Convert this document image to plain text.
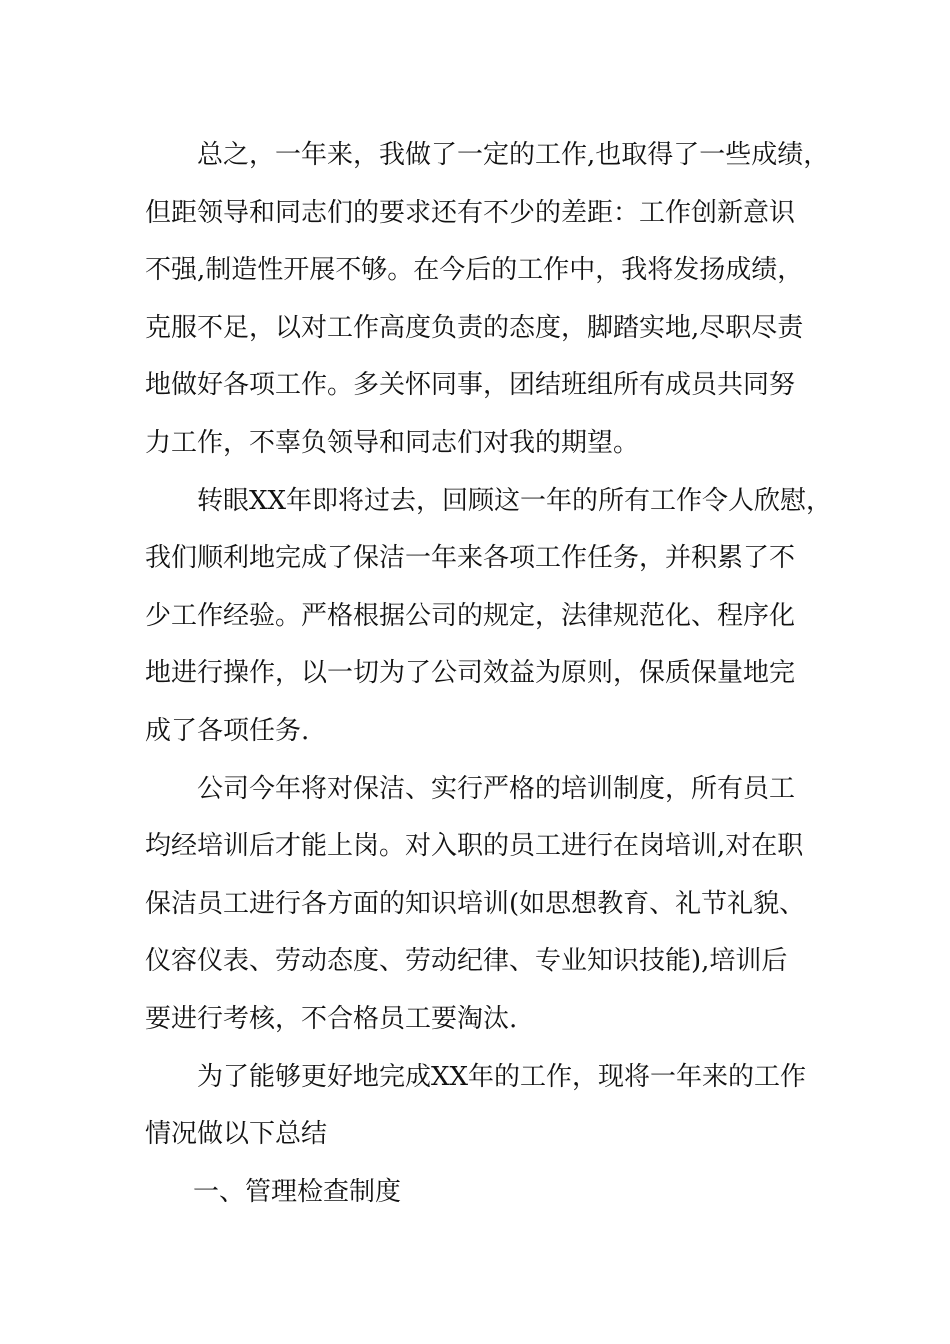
总之，一年来，我做了一定的工作,也取得了一些成绩，
但距领导和同志们的要求还有不少的差距：工作创新意识
不强,制造性开展不够。在今后的工作中，我将发扬成绩，
克服不足，以对工作高度负责的态度，脚踏实地,尽职尽责
地做好各项工作。多关怀同事，团结班组所有成员共同努
力工作，不辜负领导和同志们对我的期望。
转眼XX年即将过去，回顾这一年的所有工作令人欣慰，
我们顺利地完成了保洁一年来各项工作任务，并积累了不
少工作经验。严格根据公司的规定，法律规范化、程序化
地进行操作，以一切为了公司效益为原则，保质保量地完
成了各项任务.
公司今年将对保洁、实行严格的培训制度，所有员工
均经培训后才能上岗。对入职的员工进行在岗培训,对在职
保洁员工进行各方面的知识培训(如思想教育、礼节礼貌、
仪容仪表、劳动态度、劳动纪律、专业知识技能),培训后
要进行考核，不合格员工要淘汰.
为了能够更好地完成XX年的工作，现将一年来的工作
情况做以下总结
一、管理检查制度
